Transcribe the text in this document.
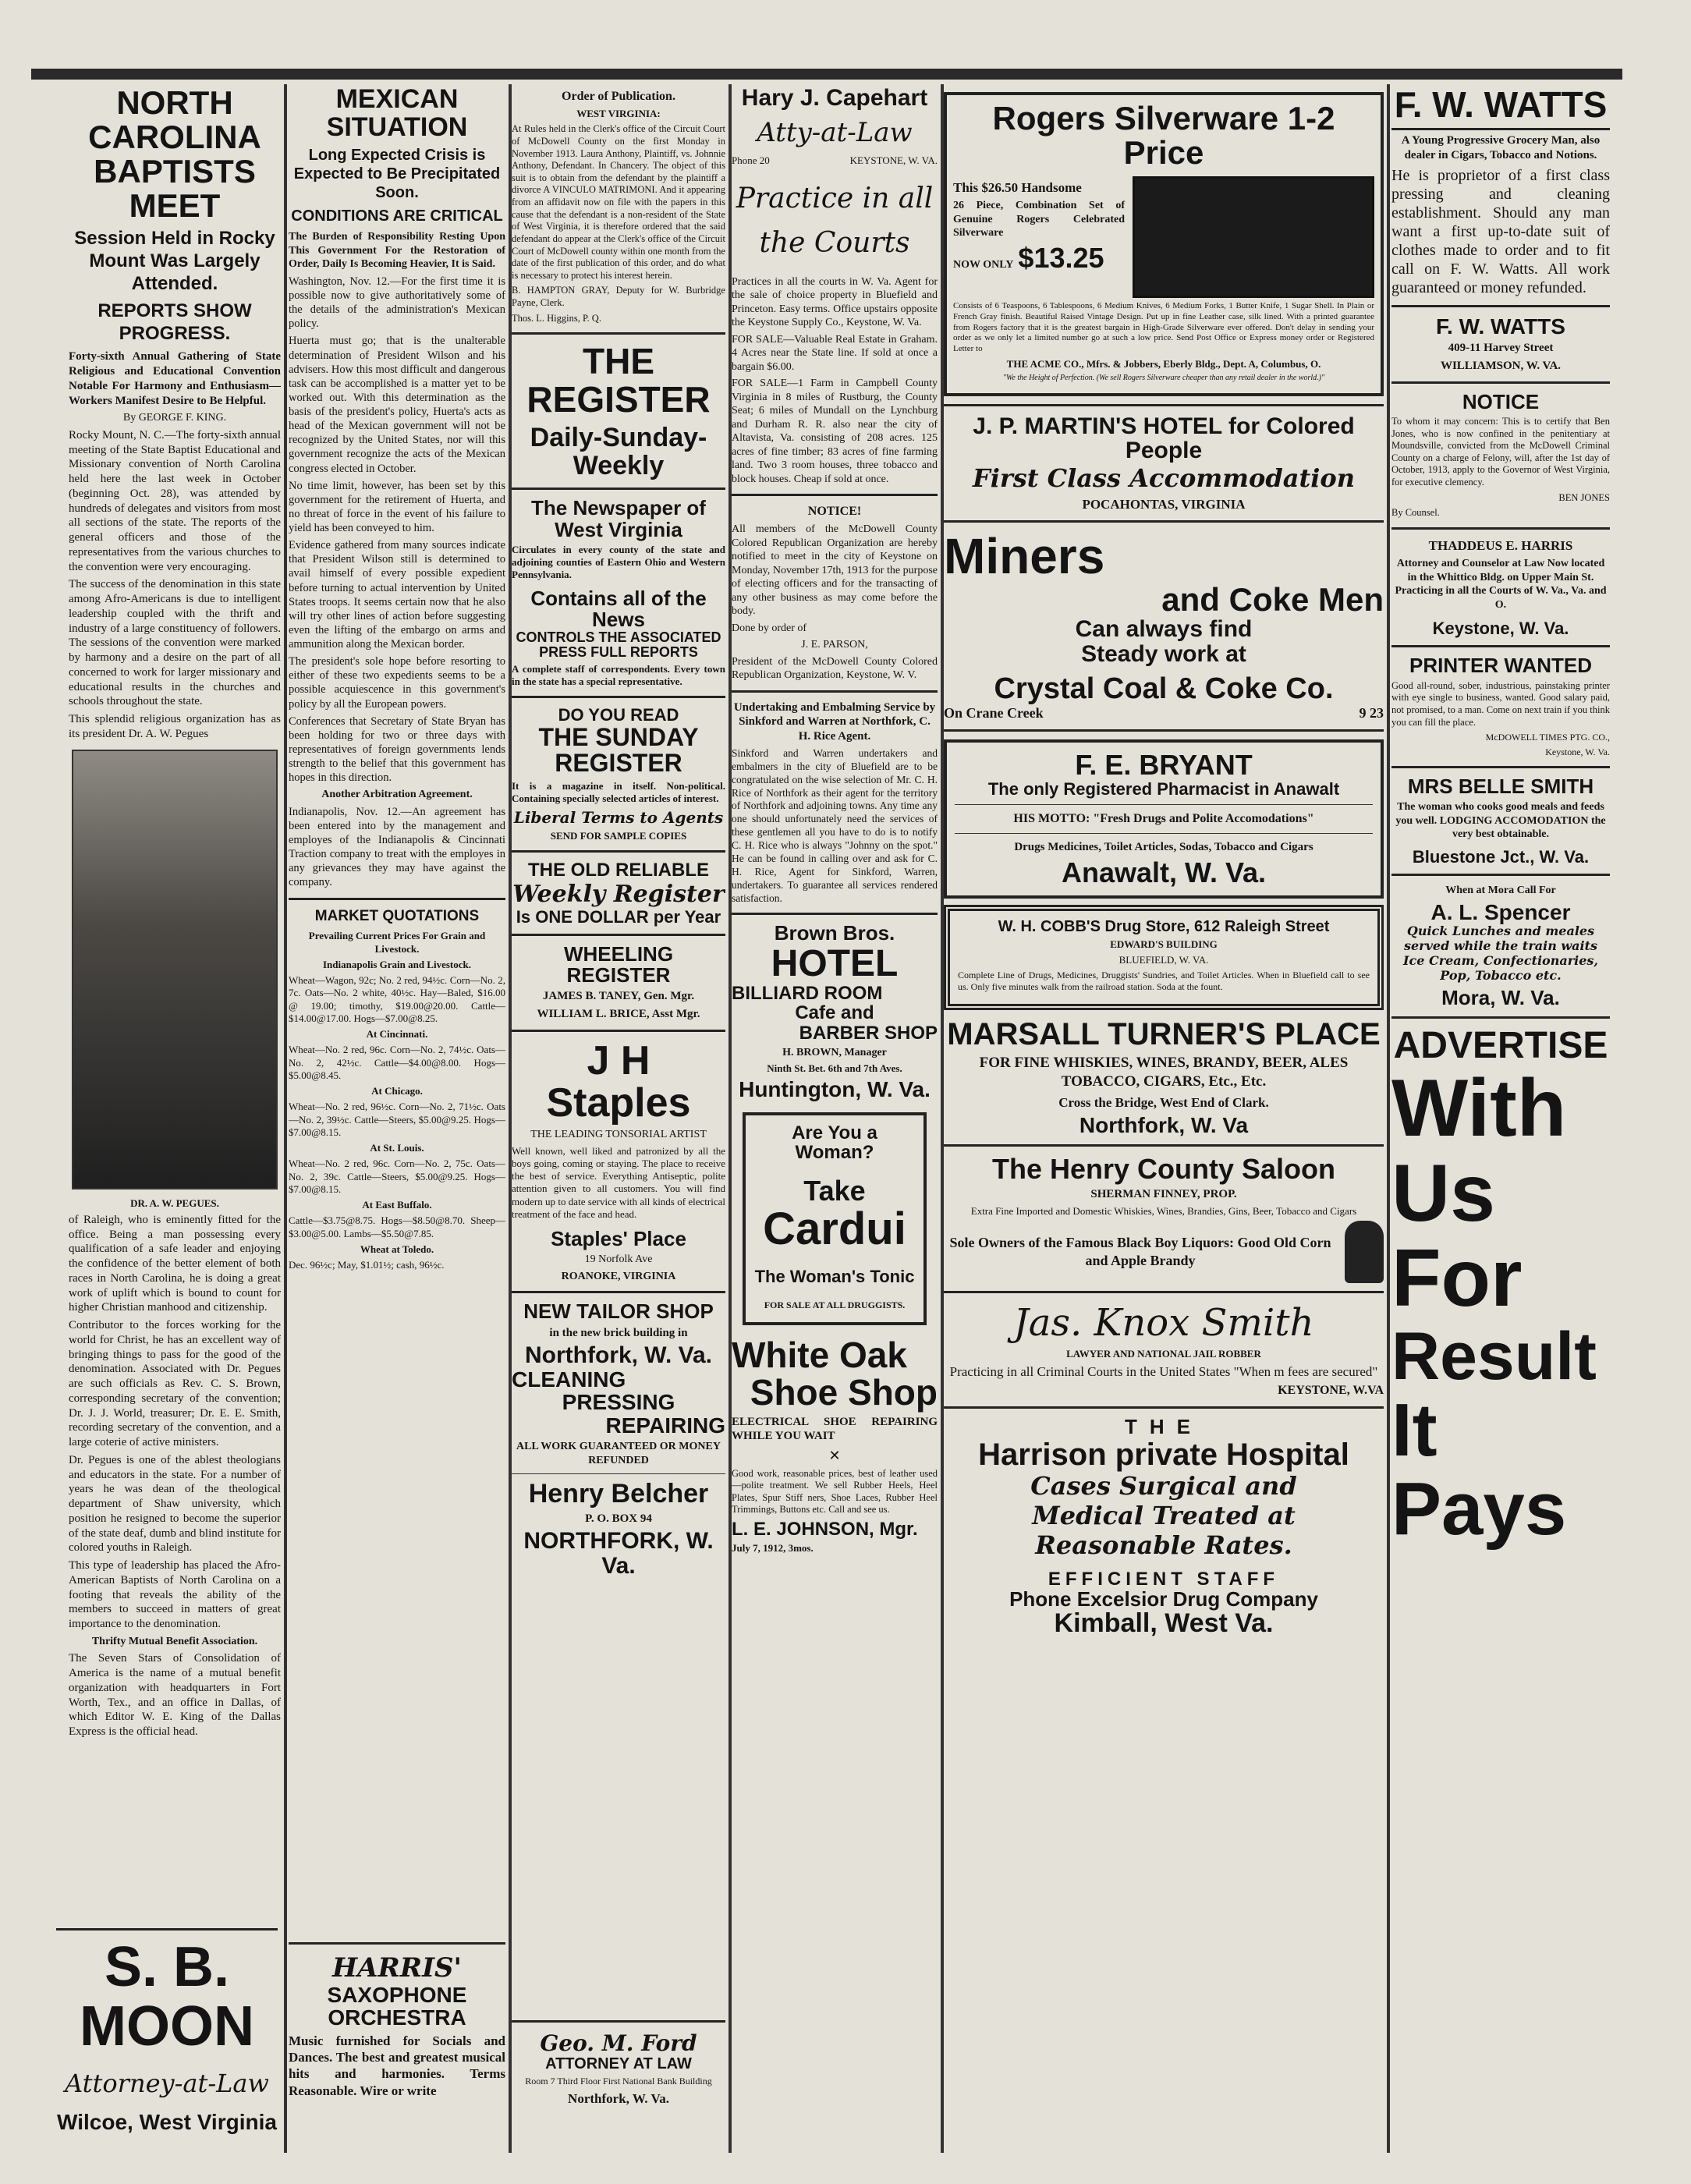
NORTH CAROLINA BAPTISTS MEET
Session Held in Rocky Mount Was Largely Attended.
REPORTS SHOW PROGRESS.
Forty-sixth Annual Gathering of State Religious and Educational Convention Notable For Harmony and Enthusiasm—Workers Manifest Desire to Be Helpful.
By GEORGE F. KING.
Rocky Mount, N. C.—The forty-sixth annual meeting of the State Baptist Educational and Missionary convention of North Carolina held here the last week in October (beginning Oct. 28), was attended by hundreds of delegates and visitors from most all sections of the state. The reports of the general officers and those of the representatives from the various churches to the convention were very encouraging.
The success of the denomination in this state among Afro-Americans is due to intelligent leadership coupled with the thrift and industry of a large constituency of followers. The sessions of the convention were marked by harmony and a desire on the part of all concerned to work for larger missionary and educational results in the churches and schools throughout the state.
This splendid religious organization has as its president Dr. A. W. Pegues
DR. A. W. PEGUES.
of Raleigh, who is eminently fitted for the office. Being a man possessing every qualification of a safe leader and enjoying the confidence of the better element of both races in North Carolina, he is doing a great work of uplift which is bound to count for higher Christian manhood and citizenship.
Contributor to the forces working for the world for Christ, he has an excellent way of bringing things to pass for the good of the denomination. Associated with Dr. Pegues are such officials as Rev. C. S. Brown, corresponding secretary of the convention; Dr. J. J. World, treasurer; Dr. E. E. Smith, recording secretary of the convention, and a large coterie of active ministers.
Dr. Pegues is one of the ablest theologians and educators in the state. For a number of years he was dean of the theological department of Shaw university, which position he resigned to become the superior of the state deaf, dumb and blind institute for colored youths in Raleigh.
This type of leadership has placed the Afro-American Baptists of North Carolina on a footing that reveals the ability of the members to succeed in matters of great importance to the denomination.
Thrifty Mutual Benefit Association.
The Seven Stars of Consolidation of America is the name of a mutual benefit organization with headquarters in Fort Worth, Tex., and an office in Dallas, of which Editor W. E. King of the Dallas Express is the official head.
S. B. MOON
Attorney-at-Law
Wilcoe, West Virginia
MEXICAN SITUATION
Long Expected Crisis is Expected to Be Precipitated Soon.
CONDITIONS ARE CRITICAL
The Burden of Responsibility Resting Upon This Government For the Restoration of Order, Daily Is Becoming Heavier, It is Said.
Washington, Nov. 12.—For the first time it is possible now to give authoritatively some of the details of the administration's Mexican policy.
Huerta must go; that is the unalterable determination of President Wilson and his advisers. How this most difficult and dangerous task can be accomplished is a matter yet to be worked out. With this determination as the basis of the president's policy, Huerta's acts as head of the Mexican government will not be recognized by the United States, nor will this government recognize the acts of the Mexican congress elected in October.
No time limit, however, has been set by this government for the retirement of Huerta, and no threat of force in the event of his failure to yield has been conveyed to him.
Evidence gathered from many sources indicate that President Wilson still is determined to avail himself of every possible expedient before turning to actual intervention by United States troops. It seems certain now that he also will try other lines of action before suggesting even the lifting of the embargo on arms and ammunition along the Mexican border.
The president's sole hope before resorting to either of these two expedients seems to be a possible acquiescence in this government's policy by all the European powers.
Conferences that Secretary of State Bryan has been holding for two or three days with representatives of foreign governments lends strength to the belief that this government has hopes in this direction.
Another Arbitration Agreement.
Indianapolis, Nov. 12.—An agreement has been entered into by the management and employes of the Indianapolis & Cincinnati Traction company to treat with the employes in any grievances they may have against the company.
MARKET QUOTATIONS
Prevailing Current Prices For Grain and Livestock.
Indianapolis Grain and Livestock.
Wheat—Wagon, 92c; No. 2 red, 94½c. Corn—No. 2, 7c. Oats—No. 2 white, 40½c. Hay—Baled, $16.00 @ 19.00; timothy, $19.00@20.00. Cattle—$14.00@17.00. Hogs—$7.00@8.25.
At Cincinnati.
Wheat—No. 2 red, 96c. Corn—No. 2, 74½c. Oats—No. 2, 42½c. Cattle—$4.00@8.00. Hogs—$5.00@8.45.
At Chicago.
Wheat—No. 2 red, 96½c. Corn—No. 2, 71½c. Oats—No. 2, 39½c. Cattle—Steers, $5.00@9.25. Hogs—$7.00@8.15.
At St. Louis.
Wheat—No. 2 red, 96c. Corn—No. 2, 75c. Oats—No. 2, 39c. Cattle—Steers, $5.00@9.25. Hogs—$7.00@8.15.
At East Buffalo.
Cattle—$3.75@8.75. Hogs—$8.50@8.70. Sheep—$3.00@5.00. Lambs—$5.50@7.85.
Wheat at Toledo.
Dec. 96½c; May, $1.01½; cash, 96½c.
HARRIS'
SAXOPHONE ORCHESTRA
Music furnished for Socials and Dances. The best and greatest musical hits and harmonies. Terms Reasonable. Wire or write
Order of Publication.
WEST VIRGINIA:
At Rules held in the Clerk's office of the Circuit Court of McDowell County on the first Monday in November 1913. Laura Anthony, Plaintiff, vs. Johnnie Anthony, Defendant. In Chancery. The object of this suit is to obtain from the defendant by the plaintiff a divorce A VINCULO MATRIMONI. And it appearing from an affidavit now on file with the papers in this cause that the defendant is a non-resident of the State of West Virginia, it is therefore ordered that the said defendant do appear at the Clerk's office of the Circuit Court of McDowell county within one month from the date of the first publication of this order, and do what is necessary to protect his interest herein.
B. HAMPTON GRAY, Deputy for W. Burbridge Payne, Clerk.
Thos. L. Higgins, P. Q.
THE REGISTER
Daily-Sunday-Weekly
The Newspaper of West Virginia
Circulates in every county of the state and adjoining counties of Eastern Ohio and Western Pennsylvania.
Contains all of the News
CONTROLS THE ASSOCIATED PRESS FULL REPORTS
A complete staff of correspondents. Every town in the state has a special representative.
DO YOU READ
THE SUNDAY REGISTER
It is a magazine in itself. Non-political. Containing specially selected articles of interest.
Liberal Terms to Agents
SEND FOR SAMPLE COPIES
THE OLD RELIABLE
Weekly Register
Is ONE DOLLAR per Year
WHEELING REGISTER
JAMES B. TANEY, Gen. Mgr.
WILLIAM L. BRICE, Asst Mgr.
J H Staples
THE LEADING TONSORIAL ARTIST
Well known, well liked and patronized by all the boys going, coming or staying. The place to receive the best of service. Everything Antiseptic, polite attention given to all customers. You will find modern up to date service with all kinds of electrical treatment of the face and head.
Staples' Place
19 Norfolk Ave
ROANOKE, VIRGINIA
NEW TAILOR SHOP
in the new brick building in
Northfork, W. Va.
CLEANING
PRESSING
REPAIRING
ALL WORK GUARANTEED OR MONEY REFUNDED
Henry Belcher
P. O. BOX 94
NORTHFORK, W. Va.
Geo. M. Ford
ATTORNEY AT LAW
Room 7 Third Floor First National Bank Building
Northfork, W. Va.
Hary J. Capehart
Atty-at-Law
Phone 20	KEYSTONE, W. VA.
Practice in all the Courts
Practices in all the courts in W. Va. Agent for the sale of choice property in Bluefield and Princeton. Easy terms. Office upstairs opposite the Keystone Supply Co., Keystone, W. Va.
FOR SALE—Valuable Real Estate in Graham. 4 Acres near the State line. If sold at once a bargain $6.00.
FOR SALE—1 Farm in Campbell County Virginia in 8 miles of Rustburg, the County Seat; 6 miles of Mundall on the Lynchburg and Durham R. R. also near the city of Altavista, Va. consisting of 208 acres. 125 acres of fine timber; 83 acres of fine farming land. Two 3 room houses, three tobacco and block houses. Cheap if sold at once.
NOTICE!
All members of the McDowell County Colored Republican Organization are hereby notified to meet in the city of Keystone on Monday, November 17th, 1913 for the purpose of electing officers and for the transacting of any other business as may come before the body.
Done by order of
J. E. PARSON,
President of the McDowell County Colored Republican Organization, Keystone, W. V.
Undertaking and Embalming Service by Sinkford and Warren at Northfork, C. H. Rice Agent.
Sinkford and Warren undertakers and embalmers in the city of Bluefield are to be congratulated on the wise selection of Mr. C. H. Rice of Northfork as their agent for the territory of Northfork and adjoining towns. Any time any one should unfortunately need the services of these gentlemen all you have to do is to notify C. H. Rice who is always "Johnny on the spot." He can be found in calling over and ask for C. H. Rice, Agent for Sinkford, Warren, undertakers. To guarantee all services rendered satisfaction.
Brown Bros.
HOTEL
BILLIARD ROOM
Cafe and
BARBER SHOP
H. BROWN, Manager
Ninth St. Bet. 6th and 7th Aves.
Huntington, W. Va.
Are You a Woman?
Take Cardui
The Woman's Tonic
FOR SALE AT ALL DRUGGISTS.
White Oak
Shoe Shop
ELECTRICAL SHOE REPAIRING WHILE YOU WAIT
✕
Good work, reasonable prices, best of leather used—polite treatment. We sell Rubber Heels, Heel Plates, Spur Stiff ners, Shoe Laces, Rubber Heel Trimmings, Buttons etc. Call and see us.
L. E. JOHNSON, Mgr.
July 7, 1912, 3mos.
Rogers Silverware 1-2 Price
This $26.50 Handsome
26 Piece, Combination Set of Genuine Rogers Celebrated Silverware
NOW ONLY $13.25
Consists of 6 Teaspoons, 6 Tablespoons, 6 Medium Knives, 6 Medium Forks, 1 Butter Knife, 1 Sugar Shell. In Plain or French Gray finish. Beautiful Raised Vintage Design. Put up in fine Leather case, silk lined. With a printed guarantee from Rogers factory that it is the greatest bargain in High-Grade Silverware ever offered. Don't delay in sending your order as we only let a limited number go at such a low price. Send Post Office or Express money order or Registered Letter to
THE ACME CO., Mfrs. & Jobbers, Eberly Bldg., Dept. A, Columbus, O.
"We the Height of Perfection. (We sell Rogers Silverware cheaper than any retail dealer in the world.)"
J. P. MARTIN'S HOTEL for Colored People
First Class Accommodation
POCAHONTAS, VIRGINIA
Miners
and Coke Men
Can always find
Steady work at
Crystal Coal & Coke Co.
On Crane Creek	9 23
F. E. BRYANT
The only Registered Pharmacist in Anawalt
HIS MOTTO: "Fresh Drugs and Polite Accomodations"
Drugs Medicines, Toilet Articles, Sodas, Tobacco and Cigars
Anawalt, W. Va.
W. H. COBB'S Drug Store, 612 Raleigh Street
EDWARD'S BUILDING
BLUEFIELD, W. VA.
Complete Line of Drugs, Medicines, Druggists' Sundries, and Toilet Articles. When in Bluefield call to see us. Only five minutes walk from the railroad station. Soda at the fount.
MARSALL TURNER'S PLACE
FOR FINE WHISKIES, WINES, BRANDY, BEER, ALES TOBACCO, CIGARS, Etc., Etc.
Cross the Bridge, West End of Clark.
Northfork, W. Va
The Henry County Saloon
SHERMAN FINNEY, PROP.
Extra Fine Imported and Domestic Whiskies, Wines, Brandies, Gins, Beer, Tobacco and Cigars
Sole Owners of the Famous Black Boy Liquors: Good Old Corn and Apple Brandy
Jas. Knox Smith
LAWYER AND NATIONAL JAIL ROBBER
Practicing in all Criminal Courts in the United States "When m fees are secured"
KEYSTONE, W.VA
THE
Harrison private Hospital
Cases Surgical and
Medical Treated at
Reasonable Rates.
EFFICIENT STAFF
Phone Excelsior Drug Company
Kimball, West Va.
F. W. WATTS
A Young Progressive Grocery Man, also dealer in Cigars, Tobacco and Notions.
He is proprietor of a first class pressing and cleaning establishment. Should any man want a first up-to-date suit of clothes made to order and to fit call on F. W. Watts. All work guaranteed or money refunded.
F. W. WATTS
409-11 Harvey Street
WILLIAMSON, W. VA.
NOTICE
To whom it may concern: This is to certify that Ben Jones, who is now confined in the penitentiary at Moundsville, convicted from the McDowell Criminal County on a charge of Felony, will, after the 1st day of October, 1913, apply to the Governor of West Virginia, for executive clemency.
BEN JONES
By Counsel.
THADDEUS E. HARRIS
Attorney and Counselor at Law Now located in the Whittico Bldg. on Upper Main St. Practicing in all the Courts of W. Va., Va. and O.
Keystone, W. Va.
PRINTER WANTED
Good all-round, sober, industrious, painstaking printer with eye single to business, wanted. Good salary paid, not promised, to a man. Come on next train if you think you can fill the place.
McDOWELL TIMES PTG. CO.,
Keystone, W. Va.
MRS BELLE SMITH
The woman who cooks good meals and feeds you well. LODGING ACCOMODATION the very best obtainable.
Bluestone Jct., W. Va.
When at Mora Call For
A. L. Spencer
Quick Lunches and meales served while the train waits
Ice Cream, Confectionaries, Pop, Tobacco etc.
Mora, W. Va.
ADVERTISE
With
Us
For
Result
It Pays
